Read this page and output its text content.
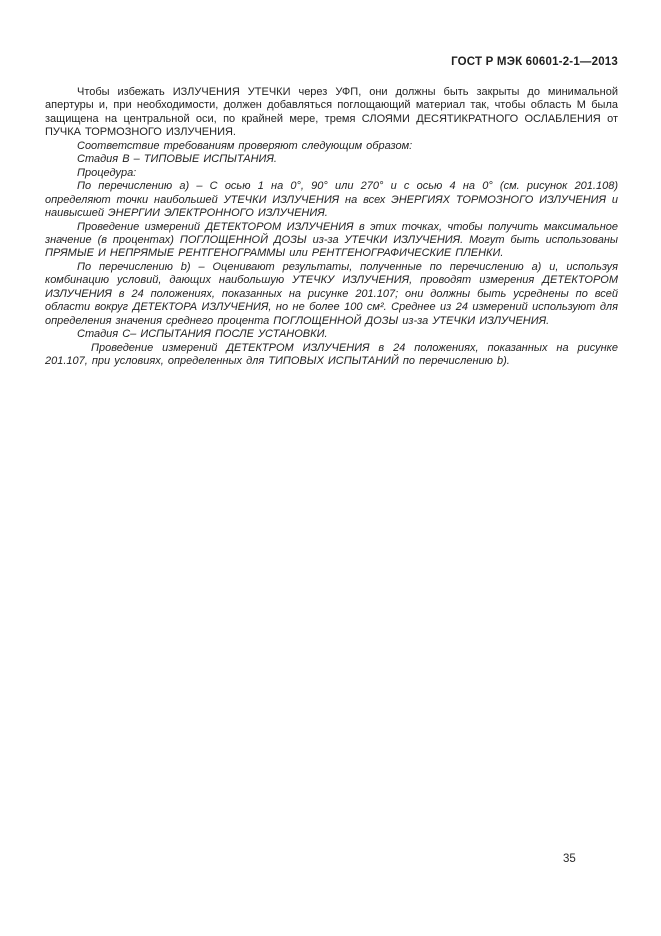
ГОСТ Р МЭК 60601-2-1—2013

Чтобы избежать ИЗЛУЧЕНИЯ УТЕЧКИ через УФП, они должны быть закрыты до минимальной апертуры и, при необходимости, должен добавляться поглощающий материал так, чтобы область М была защищена на центральной оси, по крайней мере, тремя СЛОЯМИ ДЕСЯТИКРАТНОГО ОСЛАБЛЕНИЯ от ПУЧКА ТОРМОЗНОГО ИЗЛУЧЕНИЯ.

Соответствие требованиям проверяют следующим образом:

Стадия B – ТИПОВЫЕ ИСПЫТАНИЯ.

Процедура:

По перечислению а) – С осью 1 на 0°, 90° или 270° и с осью 4 на 0° (см. рисунок 201.108) определяют точки наибольшей УТЕЧКИ ИЗЛУЧЕНИЯ на всех ЭНЕРГИЯХ ТОРМОЗНОГО ИЗЛУЧЕНИЯ и наивысшей ЭНЕРГИИ ЭЛЕКТРОННОГО ИЗЛУЧЕНИЯ.

Проведение измерений ДЕТЕКТОРОМ ИЗЛУЧЕНИЯ в этих точках, чтобы получить максимальное значение (в процентах) ПОГЛОЩЕННОЙ ДОЗЫ из-за УТЕЧКИ ИЗЛУЧЕНИЯ. Могут быть использованы ПРЯМЫЕ И НЕПРЯМЫЕ РЕНТГЕНОГРАММЫ или РЕНТГЕНОГРАФИЧЕСКИЕ ПЛЕНКИ.

По перечислению b) – Оценивают результаты, полученные по перечислению a) и, используя комбинацию условий, дающих наибольшую УТЕЧКУ ИЗЛУЧЕНИЯ, проводят измерения ДЕТЕКТОРОМ ИЗЛУЧЕНИЯ в 24 положениях, показанных на рисунке 201.107; они должны быть усреднены по всей области вокруг ДЕТЕКТОРА ИЗЛУЧЕНИЯ, но не более 100 см². Среднее из 24 измерений используют для определения значения среднего процента ПОГЛОЩЕННОЙ ДОЗЫ из-за УТЕЧКИ ИЗЛУЧЕНИЯ.

Стадия C– ИСПЫТАНИЯ ПОСЛЕ УСТАНОВКИ.

Проведение измерений ДЕТЕКТРОМ ИЗЛУЧЕНИЯ в 24 положениях, показанных на рисунке 201.107, при условиях, определенных для ТИПОВЫХ ИСПЫТАНИЙ по перечислению b).

35
